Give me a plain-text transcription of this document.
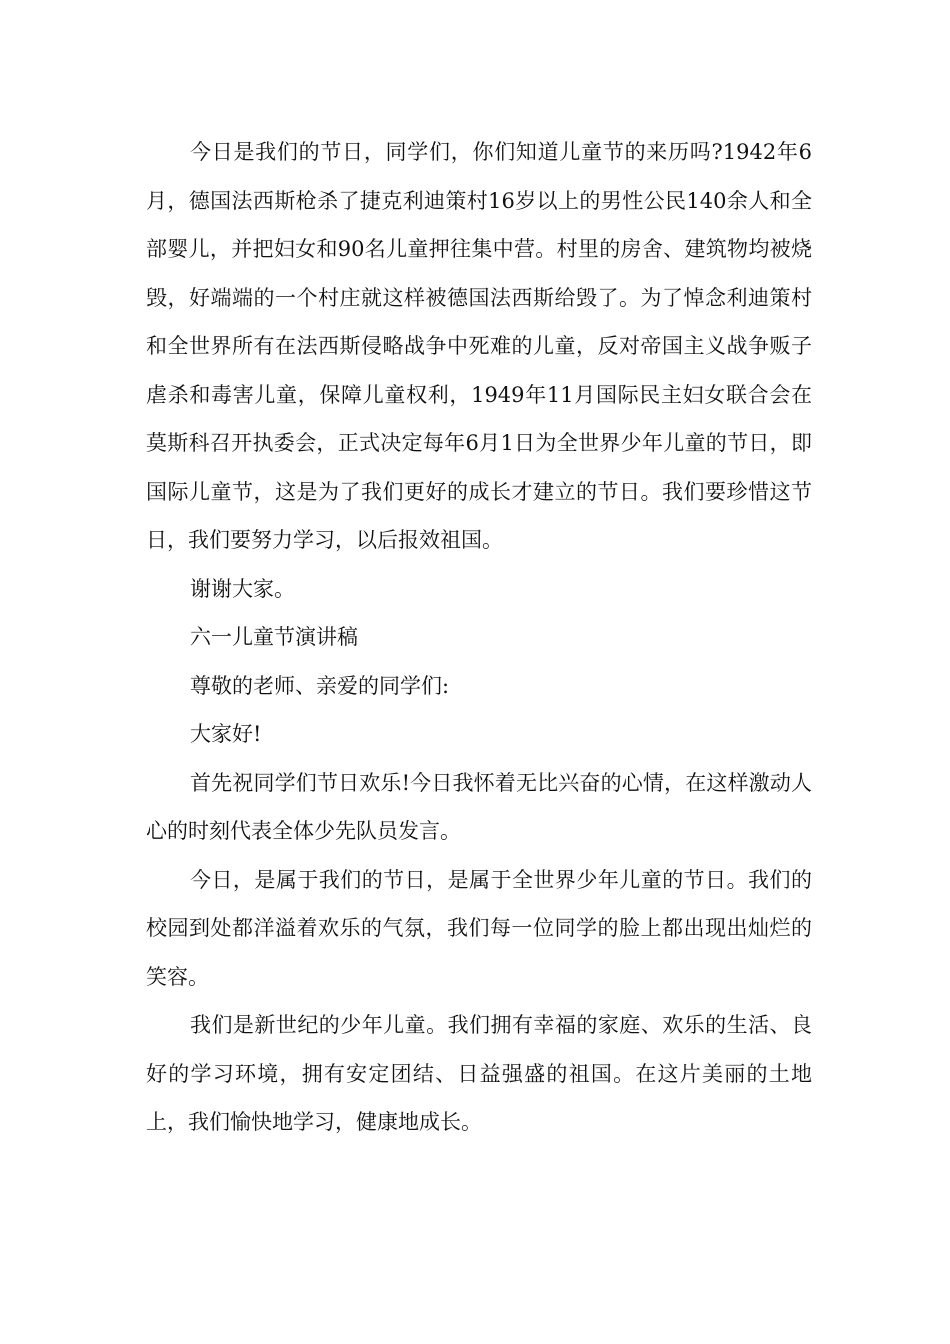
今日是我们的节日，同学们，你们知道儿童节的来历吗?1942年6月，德国法西斯枪杀了捷克利迪策村16岁以上的男性公民140余人和全部婴儿，并把妇女和90名儿童押往集中营。村里的房舍、建筑物均被烧毁，好端端的一个村庄就这样被德国法西斯给毁了。为了悼念利迪策村和全世界所有在法西斯侵略战争中死难的儿童，反对帝国主义战争贩子虐杀和毒害儿童，保障儿童权利，1949年11月国际民主妇女联合会在莫斯科召开执委会，正式决定每年6月1日为全世界少年儿童的节日，即国际儿童节，这是为了我们更好的成长才建立的节日。我们要珍惜这节日，我们要努力学习，以后报效祖国。

谢谢大家。

六一儿童节演讲稿

尊敬的老师、亲爱的同学们:

大家好!

首先祝同学们节日欢乐!今日我怀着无比兴奋的心情，在这样激动人心的时刻代表全体少先队员发言。

今日，是属于我们的节日，是属于全世界少年儿童的节日。我们的校园到处都洋溢着欢乐的气氛，我们每一位同学的脸上都出现出灿烂的笑容。

我们是新世纪的少年儿童。我们拥有幸福的家庭、欢乐的生活、良好的学习环境，拥有安定团结、日益强盛的祖国。在这片美丽的土地上，我们愉快地学习，健康地成长。
